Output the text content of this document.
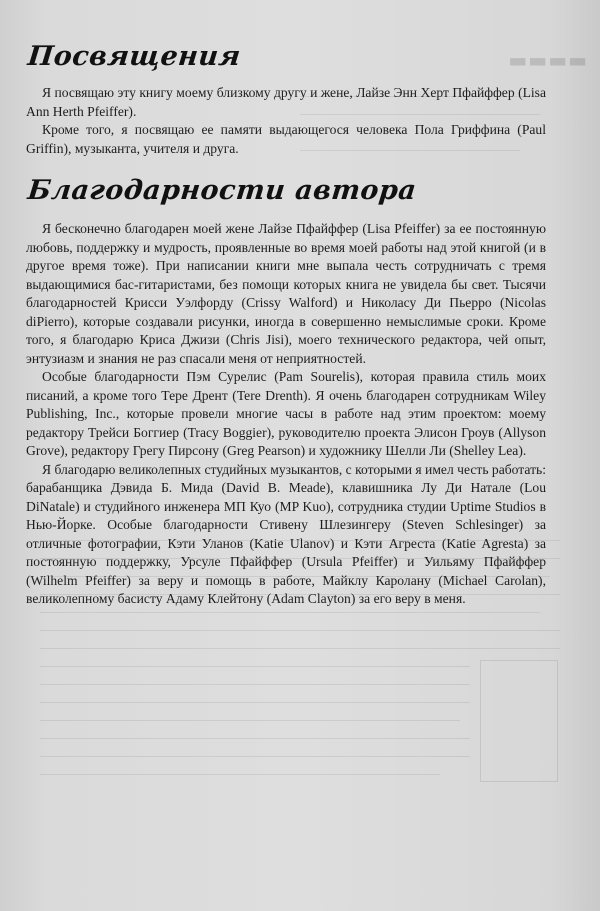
▬▬▬▬
Посвящения

Я посвящаю эту книгу моему близкому другу и жене, Лайзе Энн Херт Пфайффер (Lisa Ann Herth Pfeiffer).

Кроме того, я посвящаю ее памяти выдающегося человека Пола Гриффина (Paul Griffin), музыканта, учителя и друга.

Благодарности автора

Я бесконечно благодарен моей жене Лайзе Пфайффер (Lisa Pfeiffer) за ее постоянную любовь, поддержку и мудрость, проявленные во время моей работы над этой книгой (и в другое время тоже). При написании книги мне выпала честь сотрудничать с тремя выдающимися бас-гитаристами, без помощи которых книга не увидела бы свет. Тысячи благодарностей Крисси Уэлфорду (Crissy Walford) и Николасу Ди Пьерро (Nicolas diPierro), которые создавали рисунки, иногда в совершенно немыслимые сроки. Кроме того, я благодарю Криса Джизи (Chris Jisi), моего технического редактора, чей опыт, энтузиазм и знания не раз спасали меня от неприятностей.

Особые благодарности Пэм Сурелис (Pam Sourelis), которая правила стиль моих писаний, а кроме того Тере Дрент (Tere Drenth). Я очень благодарен сотрудникам Wiley Publishing, Inc., которые провели многие часы в работе над этим проектом: моему редактору Трейси Боггиер (Tracy Boggier), руководителю проекта Элисон Гроув (Allyson Grove), редактору Грегу Пирсону (Greg Pearson) и художнику Шелли Ли (Shelley Lea).

Я благодарю великолепных студийных музыкантов, с которыми я имел честь работать: барабанщика Дэвида Б. Мида (David B. Meade), клавишника Лу Ди Натале (Lou DiNatale) и студийного инженера МП Куо (MP Kuo), сотрудника студии Uptime Studios в Нью-Йорке. Особые благодарности Стивену Шлезингеру (Steven Schlesinger) за отличные фотографии, Кэти Уланов (Katie Ulanov) и Кэти Агреста (Katie Agresta) за постоянную поддержку, Урсуле Пфайффер (Ursula Pfeiffer) и Уильяму Пфайффер (Wilhelm Pfeiffer) за веру и помощь в работе, Майклу Каролану (Michael Carolan), великолепному басисту Адаму Клейтону (Adam Clayton) за его веру в меня.
